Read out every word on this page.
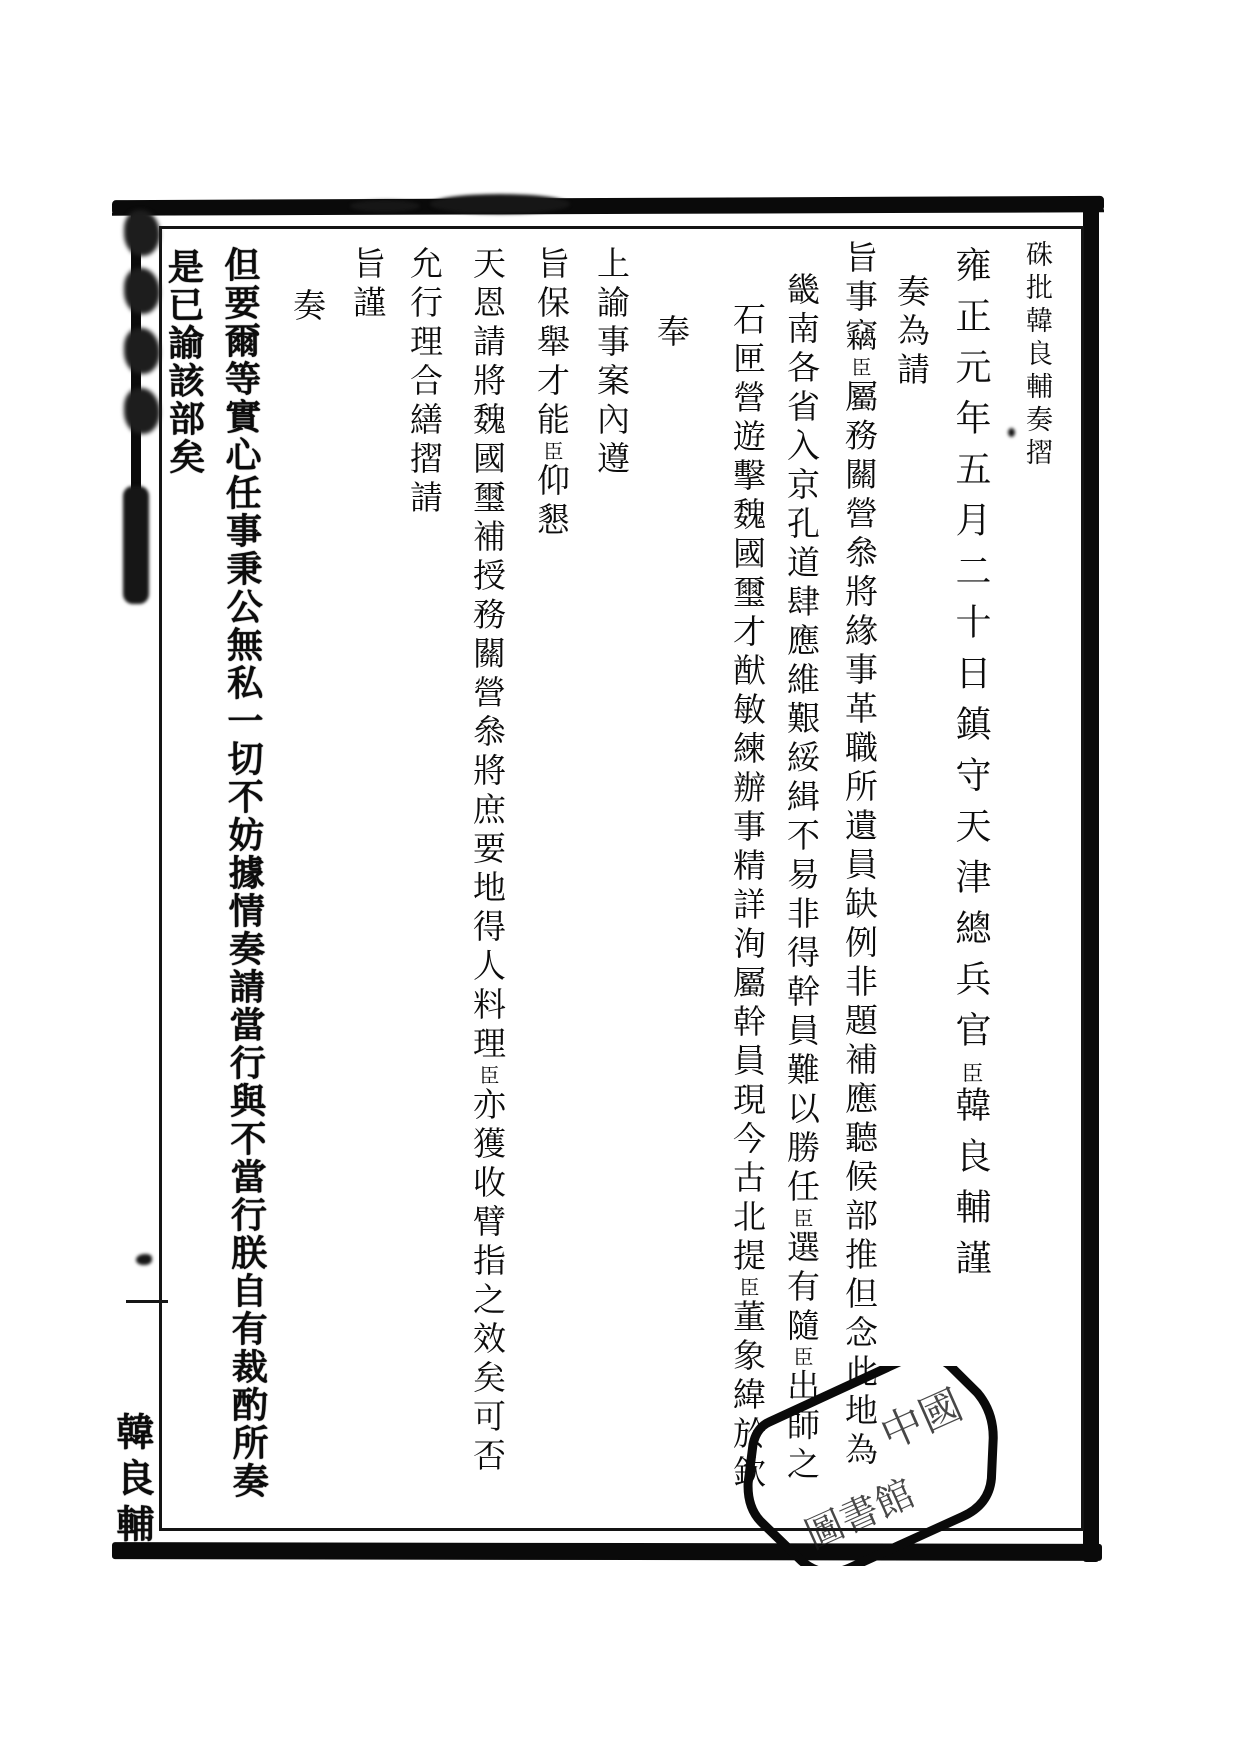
硃批韓良輔奏摺
雍正元年五月二十日鎮守天津總兵官臣韓良輔謹
奏為請
旨事竊臣屬務關營叅將緣事革職所遺員缺例非題補應聽候部推但念此地為
畿南各省入京孔道肆應維艱綏緝不易非得幹員難以勝任臣選有隨臣出師之
石匣營遊擊魏國璽才猷敏練辦事精詳洵屬幹員現今古北提臣董象緯於欽
奉
上諭事案內遵
旨保舉才能臣仰懇
天恩請將魏國璽補授務關營叅將庶要地得人料理臣亦獲收臂指之效矣可否
允行理合繕摺請
旨謹
奏
但要爾等實心任事秉公無私一切不妨據情奏請當行與不當行朕自有裁酌所奏
是已諭該部矣
韓良輔	中國
圖書館
